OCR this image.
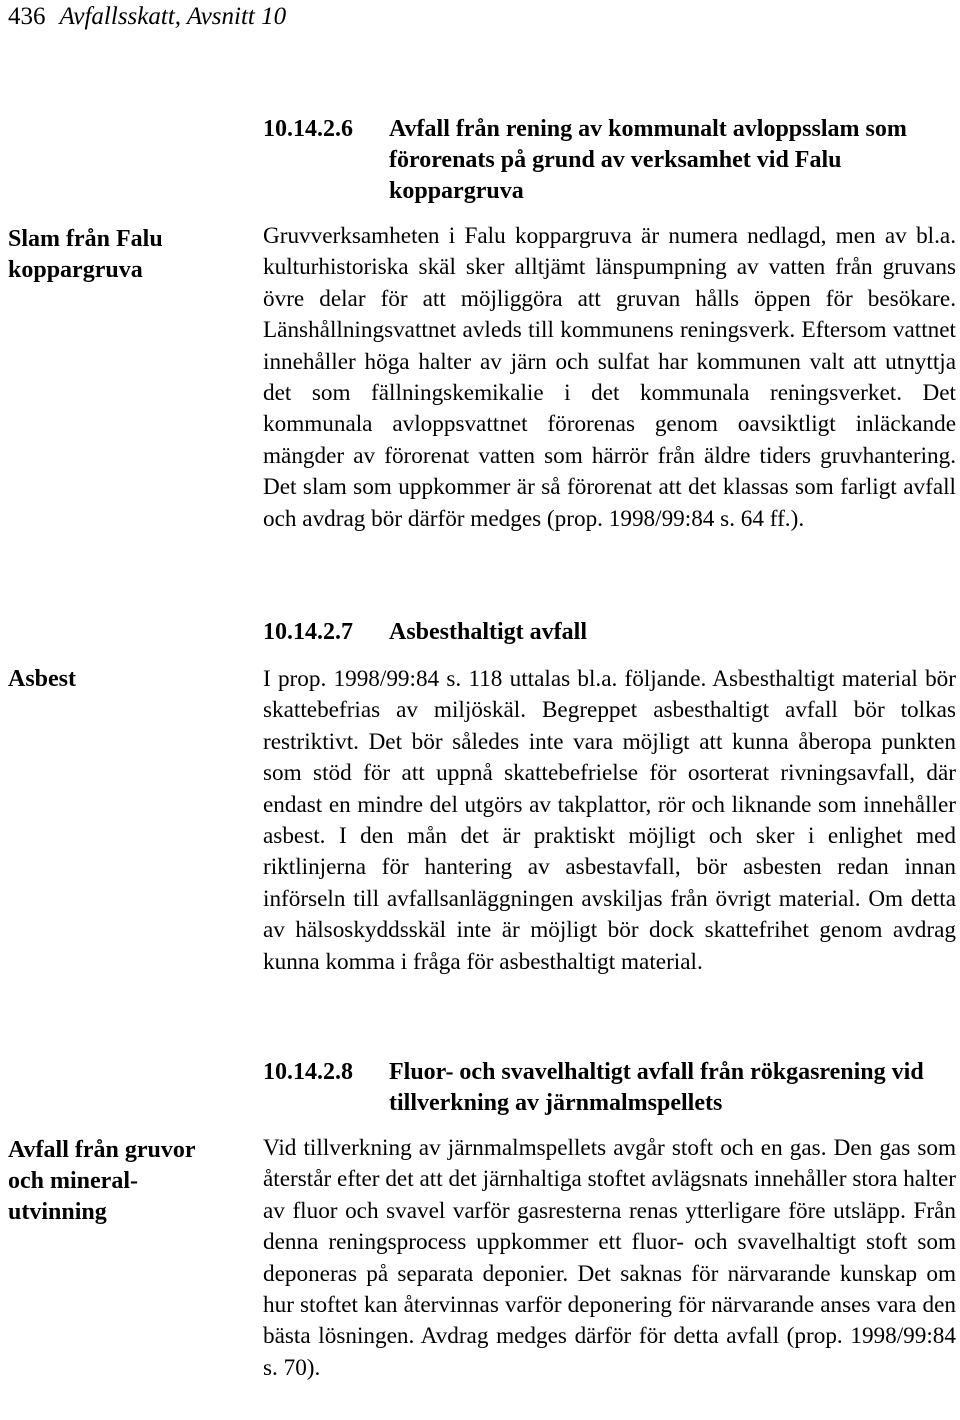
436 Avfallsskatt, Avsnitt 10
Slam från Falu koppargruva
Asbest
Avfall från gruvor och mineral-utvinning
10.14.2.6	Avfall från rening av kommunalt avloppsslam som förorenats på grund av verksamhet vid Falu koppargruva

Gruvverksamheten i Falu koppargruva är numera nedlagd, men av bl.a. kulturhistoriska skäl sker alltjämt länspumpning av vatten från gruvans övre delar för att möjliggöra att gruvan hålls öppen för besökare. Länshållningsvattnet avleds till kommunens reningsverk. Eftersom vattnet innehåller höga halter av järn och sulfat har kommunen valt att utnyttja det som fällningskemikalie i det kommunala reningsverket. Det kommunala avloppsvattnet förorenas genom oavsiktligt inläckande mängder av förorenat vatten som härrör från äldre tiders gruvhantering. Det slam som uppkommer är så förorenat att det klassas som farligt avfall och avdrag bör därför medges (prop. 1998/99:84 s. 64 ff.).

10.14.2.7	Asbesthaltigt avfall

I prop. 1998/99:84 s. 118 uttalas bl.a. följande. Asbesthaltigt material bör skattebefrias av miljöskäl. Begreppet asbesthaltigt avfall bör tolkas restriktivt. Det bör således inte vara möjligt att kunna åberopa punkten som stöd för att uppnå skattebefrielse för osorterat rivningsavfall, där endast en mindre del utgörs av takplattor, rör och liknande som innehåller asbest. I den mån det är praktiskt möjligt och sker i enlighet med riktlinjerna för hantering av asbestavfall, bör asbesten redan innan införseln till avfallsanläggningen avskiljas från övrigt material. Om detta av hälsoskyddsskäl inte är möjligt bör dock skattefrihet genom avdrag kunna komma i fråga för asbesthaltigt material.

10.14.2.8	Fluor- och svavelhaltigt avfall från rökgasrening vid tillverkning av järnmalmspellets

Vid tillverkning av järnmalmspellets avgår stoft och en gas. Den gas som återstår efter det att det järnhaltiga stoftet avlägsnats innehåller stora halter av fluor och svavel varför gasresterna renas ytterligare före utsläpp. Från denna reningsprocess uppkommer ett fluor- och svavelhaltigt stoft som deponeras på separata deponier. Det saknas för närvarande kunskap om hur stoftet kan återvinnas varför deponering för närvarande anses vara den bästa lösningen. Avdrag medges därför för detta avfall (prop. 1998/99:84 s. 70).
